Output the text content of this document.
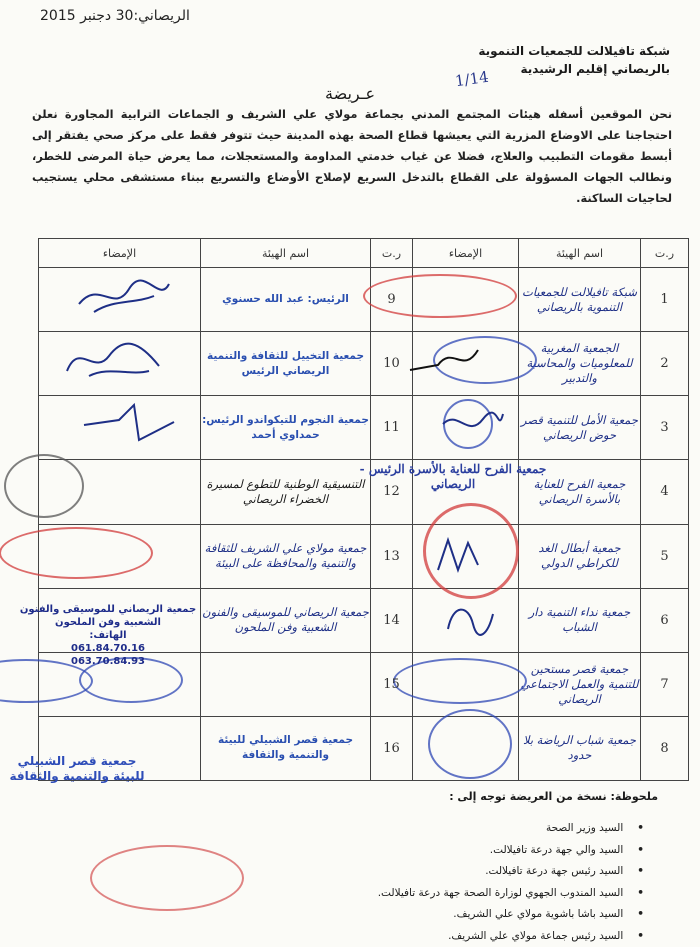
الريصاني:30 دجنبر 2015
شبكة تافيلالت للجمعيات التنموية
بالريصاني إقليم الرشيدية
1/14
عـريضة
نحن الموقعين أسفله هيئات المجتمع المدني بجماعة مولاي علي الشريف و الجماعات الترابية المجاورة نعلن احتجاجنا على الاوضاع المزرية التي يعيشها قطاع الصحة بهذه المدينة حيث تتوفر فقط على مركز صحي يفتقر إلى أبسط مقومات التطبيب والعلاج، فضلا عن غياب خدمتي المداومة والمستعجلات، مما يعرض حياة المرضى للخطر، ونطالب الجهات المسؤولة على القطاع بالتدخل السريع لإصلاح الأوضاع والتسريع ببناء مستشفى محلي يستجيب لحاجيات الساكنة.
ر.ت	اسم الهيئة	الإمضاء	ر.ت	اسم الهيئة	الإمضاء
1	شبكة تافيلالت للجمعيات التنموية بالريصاني		9	الرئيس: عبد الله حسنوي	

2	الجمعية المغربية للمعلوميات والمحاسبة والتدبير		10	جمعية التخييل للثقافة والتنمية الريصاني الرئيس	

3	جمعية الأمل للتنمية قصر حوض الريصاني		11	جمعية النجوم للتيكواندو الرئيس: حمداوي أحمد	

4	جمعية الفرح للعناية بالأسرة الريصاني	جمعية الفرح للعناية بالأسرة الرئيس - الريصاني	12	التنسيقية الوطنية للتطوع لمسيرة الخضراء الريصاني	

5	جمعية أبطال الغد للكراطي الدولي		13	جمعية مولاي علي الشريف للثقافة والتنمية والمحافظة على البيئة	

6	جمعية نداء التنمية دار الشباب		14	جمعية الريصاني للموسيقى والفنون الشعبية وفن الملحون	
7	جمعية قصر مستحين للتنمية والعمل الاجتماعي الريصاني		15		

8	جمعية شباب الرياضة بلا حدود		16	جمعية قصر الشبيلي للبيئة والتنمية والثقافة	
جمعية الريصاني للموسيقى والفنون الشعبية وفن الملحون
الهاتف:
061.84.70.16
063.70.84.93
جمعية قصر الشبيلي للبيئة والتنمية والثقافة
ملحوظة: نسخة من العريضة توجه إلى :
• السيد وزير الصحة
• السيد والي جهة درعة تافيلالت.
• السيد رئيس جهة درعة تافيلالت.
• السيد المندوب الجهوي لوزارة الصحة جهة درعة تافيلالت.
• السيد باشا باشوية مولاي علي الشريف.
• السيد رئيس جماعة مولاي علي الشريف.
